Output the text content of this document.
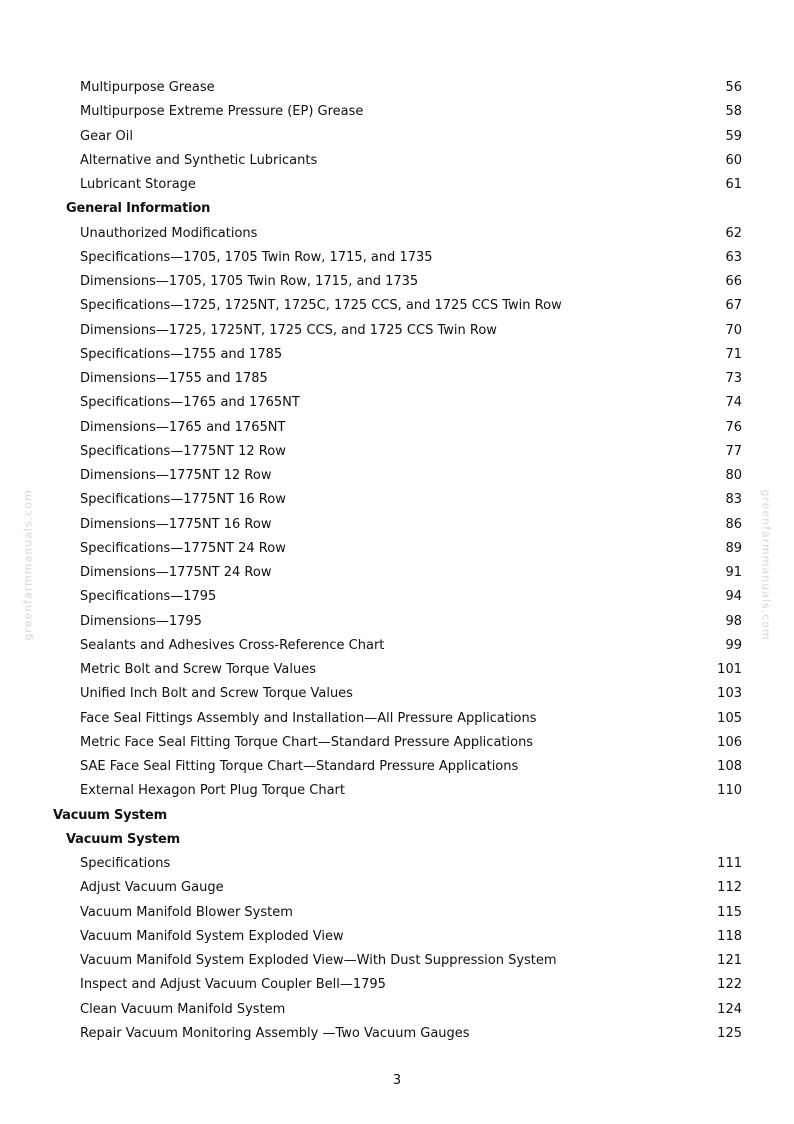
Multipurpose Grease	56
Multipurpose Extreme Pressure (EP) Grease	58
Gear Oil	59
Alternative and Synthetic Lubricants	60
Lubricant Storage	61
General Information
Unauthorized Modifications	62
Specifications—1705, 1705 Twin Row, 1715, and 1735	63
Dimensions—1705, 1705 Twin Row, 1715, and 1735	66
Specifications—1725, 1725NT, 1725C, 1725 CCS, and 1725 CCS Twin Row	67
Dimensions—1725, 1725NT, 1725 CCS, and 1725 CCS Twin Row	70
Specifications—1755 and 1785	71
Dimensions—1755 and 1785	73
Specifications—1765 and 1765NT	74
Dimensions—1765 and 1765NT	76
Specifications—1775NT 12 Row	77
Dimensions—1775NT 12 Row	80
Specifications—1775NT 16 Row	83
Dimensions—1775NT 16 Row	86
Specifications—1775NT 24 Row	89
Dimensions—1775NT 24 Row	91
Specifications—1795	94
Dimensions—1795	98
Sealants and Adhesives Cross-Reference Chart	99
Metric Bolt and Screw Torque Values	101
Unified Inch Bolt and Screw Torque Values	103
Face Seal Fittings Assembly and Installation—All Pressure Applications	105
Metric Face Seal Fitting Torque Chart—Standard Pressure Applications	106
SAE Face Seal Fitting Torque Chart—Standard Pressure Applications	108
External Hexagon Port Plug Torque Chart	110
Vacuum System
Vacuum System
Specifications	111
Adjust Vacuum Gauge	112
Vacuum Manifold Blower System	115
Vacuum Manifold System Exploded View	118
Vacuum Manifold System Exploded View—With Dust Suppression System	121
Inspect and Adjust Vacuum Coupler Bell—1795	122
Clean Vacuum Manifold System	124
Repair Vacuum Monitoring Assembly —Two Vacuum Gauges	125
greenfarmmanuals.com	greenfarmmanuals.com
3
